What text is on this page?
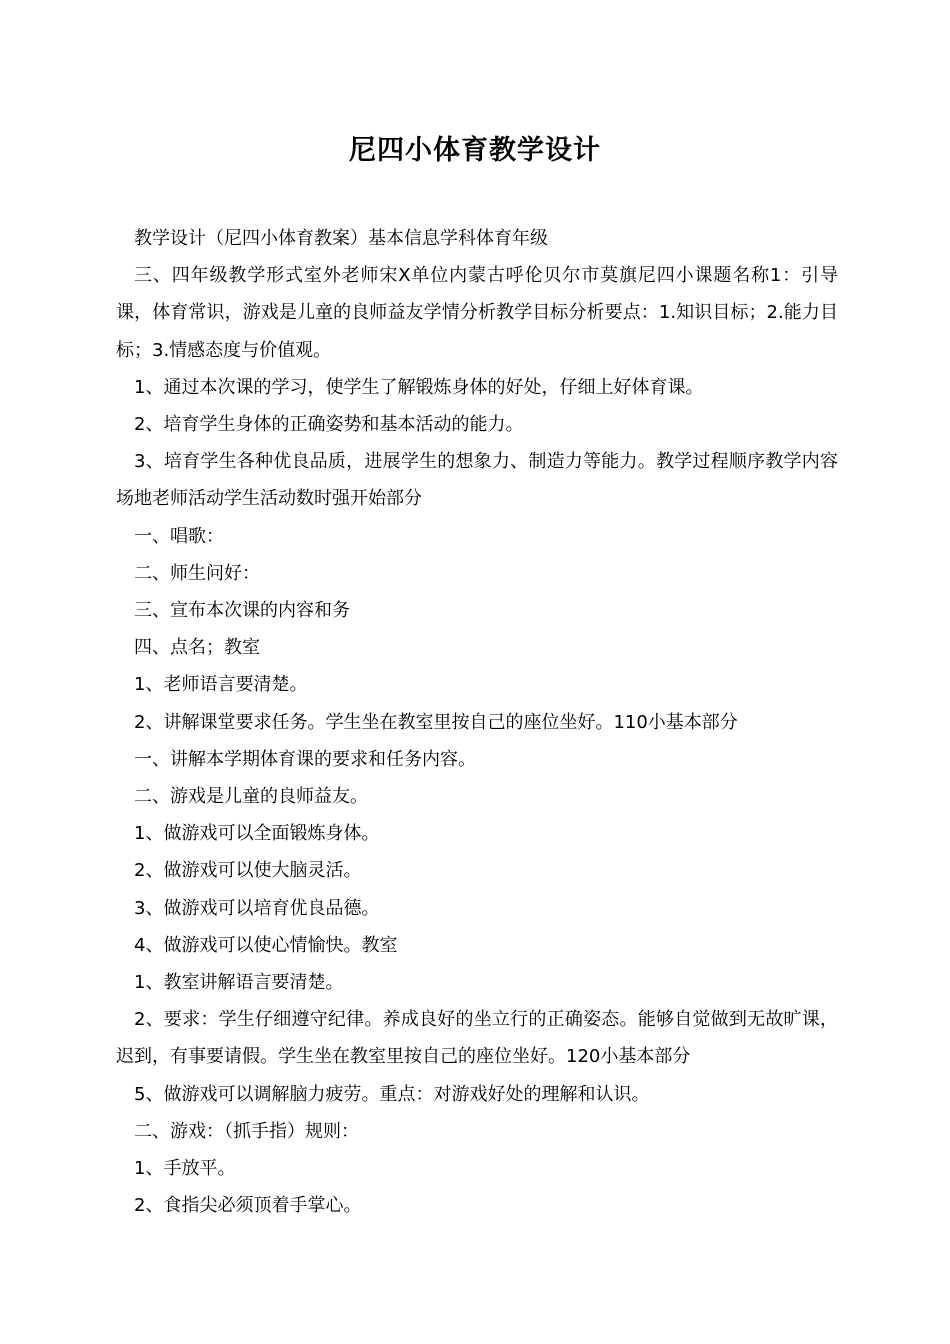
尼四小体育教学设计

教学设计（尼四小体育教案）基本信息学科体育年级

三、四年级教学形式室外老师宋X单位内蒙古呼伦贝尔市莫旗尼四小课题名称1：引导课，体育常识，游戏是儿童的良师益友学情分析教学目标分析要点：1.知识目标；2.能力目标；3.情感态度与价值观。

1、通过本次课的学习，使学生了解锻炼身体的好处，仔细上好体育课。

2、培育学生身体的正确姿势和基本活动的能力。

3、培育学生各种优良品质，进展学生的想象力、制造力等能力。教学过程顺序教学内容场地老师活动学生活动数时强开始部分

一、唱歌：

二、师生问好：

三、宣布本次课的内容和务

四、点名；教室

1、老师语言要清楚。

2、讲解课堂要求任务。学生坐在教室里按自己的座位坐好。110小基本部分

一、讲解本学期体育课的要求和任务内容。

二、游戏是儿童的良师益友。

1、做游戏可以全面锻炼身体。

2、做游戏可以使大脑灵活。

3、做游戏可以培育优良品德。

4、做游戏可以使心情愉快。教室

1、教室讲解语言要清楚。

2、要求：学生仔细遵守纪律。养成良好的坐立行的正确姿态。能够自觉做到无故旷课，迟到，有事要请假。学生坐在教室里按自己的座位坐好。120小基本部分

5、做游戏可以调解脑力疲劳。重点：对游戏好处的理解和认识。

二、游戏：（抓手指）规则：

1、手放平。

2、食指尖必须顶着手掌心。
